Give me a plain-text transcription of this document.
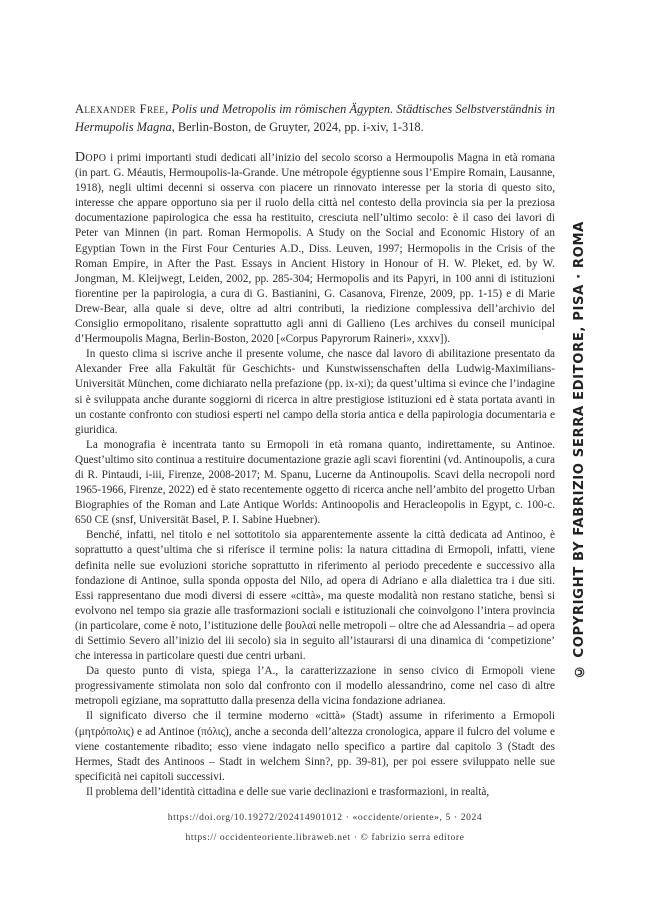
Alexander Free, Polis und Metropolis im römischen Ägypten. Städtisches Selbstverständnis in Hermupolis Magna, Berlin-Boston, de Gruyter, 2024, pp. i-xiv, 1-318.

Dopo i primi importanti studi dedicati all’inizio del secolo scorso a Hermoupolis Magna in età romana (in part. G. Méautis, Hermoupolis-la-Grande. Une métropole égyptienne sous l’Empire Romain, Lausanne, 1918), negli ultimi decenni si osserva con piacere un rinnovato interesse per la storia di questo sito, interesse che appare opportuno sia per il ruolo della città nel contesto della provincia sia per la preziosa documentazione papirologica che essa ha restituito, cresciuta nell’ultimo secolo: è il caso dei lavori di Peter van Minnen (in part. Roman Hermopolis. A Study on the Social and Economic History of an Egyptian Town in the First Four Centuries A.D., Diss. Leuven, 1997; Hermopolis in the Crisis of the Roman Empire, in After the Past. Essays in Ancient History in Honour of H. W. Pleket, ed. by W. Jongman, M. Kleijwegt, Leiden, 2002, pp. 285-304; Hermopolis and its Papyri, in 100 anni di istituzioni fiorentine per la papirologia, a cura di G. Bastianini, G. Casanova, Firenze, 2009, pp. 1-15) e di Marie Drew-Bear, alla quale si deve, oltre ad altri contributi, la riedizione complessiva dell’archivio del Consiglio ermopolitano, risalente soprattutto agli anni di Gallieno (Les archives du conseil municipal d’Hermoupolis Magna, Berlin-Boston, 2020 [«Corpus Papyrorum Raineri», xxxv]).

In questo clima si iscrive anche il presente volume, che nasce dal lavoro di abilitazione presentato da Alexander Free alla Fakultät für Geschichts- und Kunstwissenschaften della Ludwig-Maximilians-Universität München, come dichiarato nella prefazione (pp. ix-xi); da quest’ultima si evince che l’indagine si è sviluppata anche durante soggiorni di ricerca in altre prestigiose istituzioni ed è stata portata avanti in un costante confronto con studiosi esperti nel campo della storia antica e della papirologia documentaria e giuridica.

La monografia è incentrata tanto su Ermopoli in età romana quanto, indirettamente, su Antinoe. Quest’ultimo sito continua a restituire documentazione grazie agli scavi fiorentini (vd. Antinoupolis, a cura di R. Pintaudi, i-iii, Firenze, 2008-2017; M. Spanu, Lucerne da Antinoupolis. Scavi della necropoli nord 1965-1966, Firenze, 2022) ed è stato recentemente oggetto di ricerca anche nell’ambito del progetto Urban Biographies of the Roman and Late Antique Worlds: Antinoopolis and Heracleopolis in Egypt, c. 100-c. 650 CE (snsf, Universität Basel, P. I. Sabine Huebner).

Benché, infatti, nel titolo e nel sottotitolo sia apparentemente assente la città dedicata ad Antinoo, è soprattutto a quest’ultima che si riferisce il termine polis: la natura cittadina di Ermopoli, infatti, viene definita nelle sue evoluzioni storiche soprattutto in riferimento al periodo precedente e successivo alla fondazione di Antinoe, sulla sponda opposta del Nilo, ad opera di Adriano e alla dialettica tra i due siti. Essi rappresentano due modi diversi di essere «città», ma queste modalità non restano statiche, bensì si evolvono nel tempo sia grazie alle trasformazioni sociali e istituzionali che coinvolgono l’intera provincia (in particolare, come è noto, l’istituzione delle βουλαί nelle metropoli – oltre che ad Alessandria – ad opera di Settimio Severo all’inizio del iii secolo) sia in seguito all’istaurarsi di una dinamica di ‘competizione’ che interessa in particolare questi due centri urbani.

Da questo punto di vista, spiega l’A., la caratterizzazione in senso civico di Ermopoli viene progressivamente stimolata non solo dal confronto con il modello alessandrino, come nel caso di altre metropoli egiziane, ma soprattutto dalla presenza della vicina fondazione adrianea.

Il significato diverso che il termine moderno «città» (Stadt) assume in riferimento a Ermopoli (μητρόπολις) e ad Antinoe (πόλις), anche a seconda dell’altezza cronologica, appare il fulcro del volume e viene costantemente ribadito; esso viene indagato nello specifico a partire dal capitolo 3 (Stadt des Hermes, Stadt des Antinoos – Stadt in welchem Sinn?, pp. 39-81), per poi essere sviluppato nelle sue specificità nei capitoli successivi.

Il problema dell’identità cittadina e delle sue varie declinazioni e trasformazioni, in realtà,

https://doi.org/10.19272/202414901012 · «occidente/oriente», 5 · 2024
https:// occidenteoriente.libraweb.net · © fabrizio serra editore
© COPYRIGHT BY FABRIZIO SERRA EDITORE, PISA · ROMA
